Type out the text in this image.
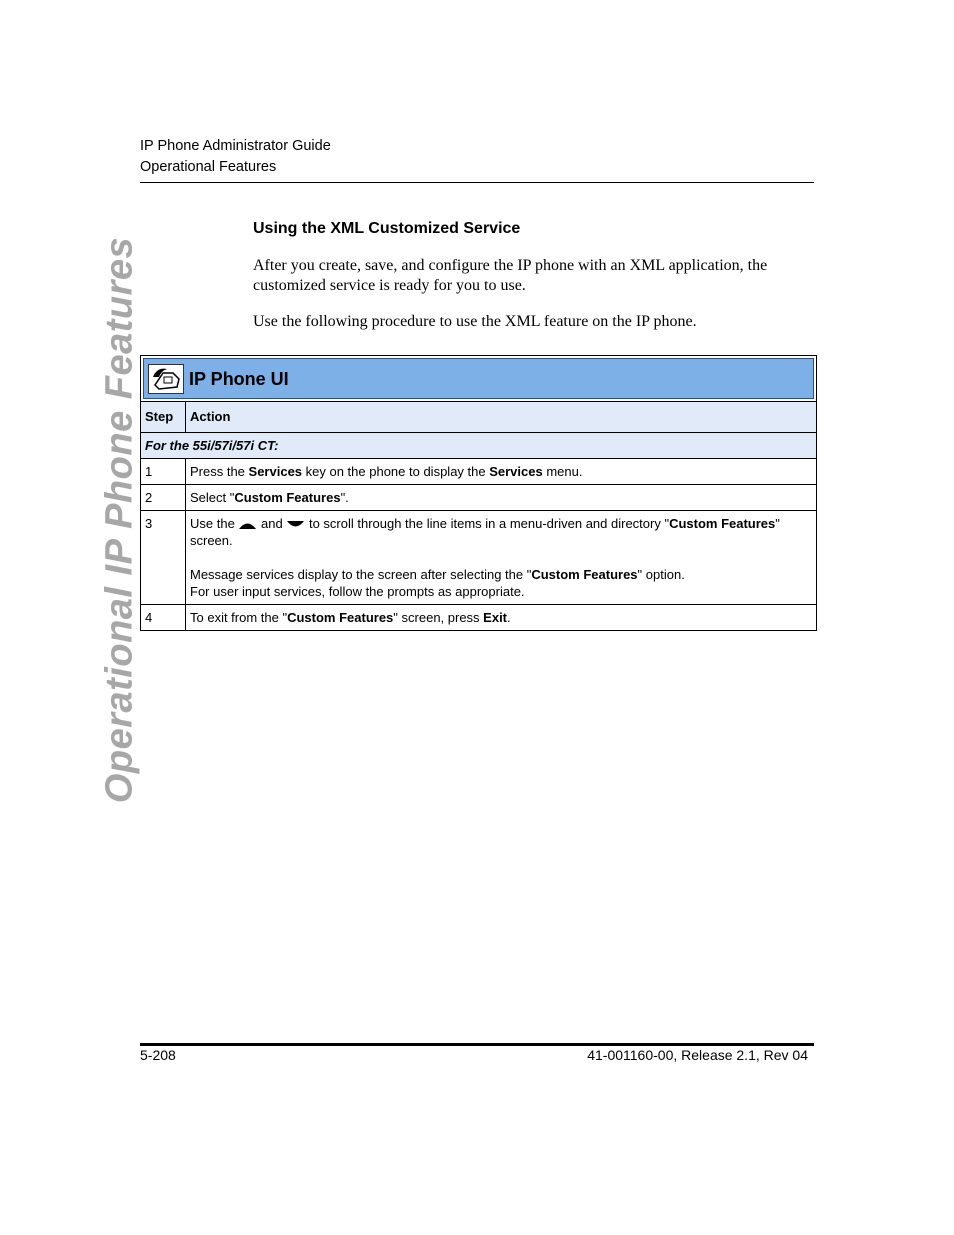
IP Phone Administrator Guide
Operational Features
Operational IP Phone Features
Using the XML Customized Service
After you create, save, and configure the IP phone with an XML application, the customized service is ready for you to use.
Use the following procedure to use the XML feature on the IP phone.
IP Phone UI
Step	Action
For the 55i/57i/57i CT:	
1	Press the Services key on the phone to display the Services menu.
2	Select "Custom Features".
3	Use the  and  to scroll through the line items in a menu-driven and directory "Custom Features" screen.
Message services display to the screen after selecting the "Custom Features" option.
For user input services, follow the prompts as appropriate.

4	To exit from the "Custom Features" screen, press Exit.
5-208	41-001160-00, Release 2.1, Rev 04
